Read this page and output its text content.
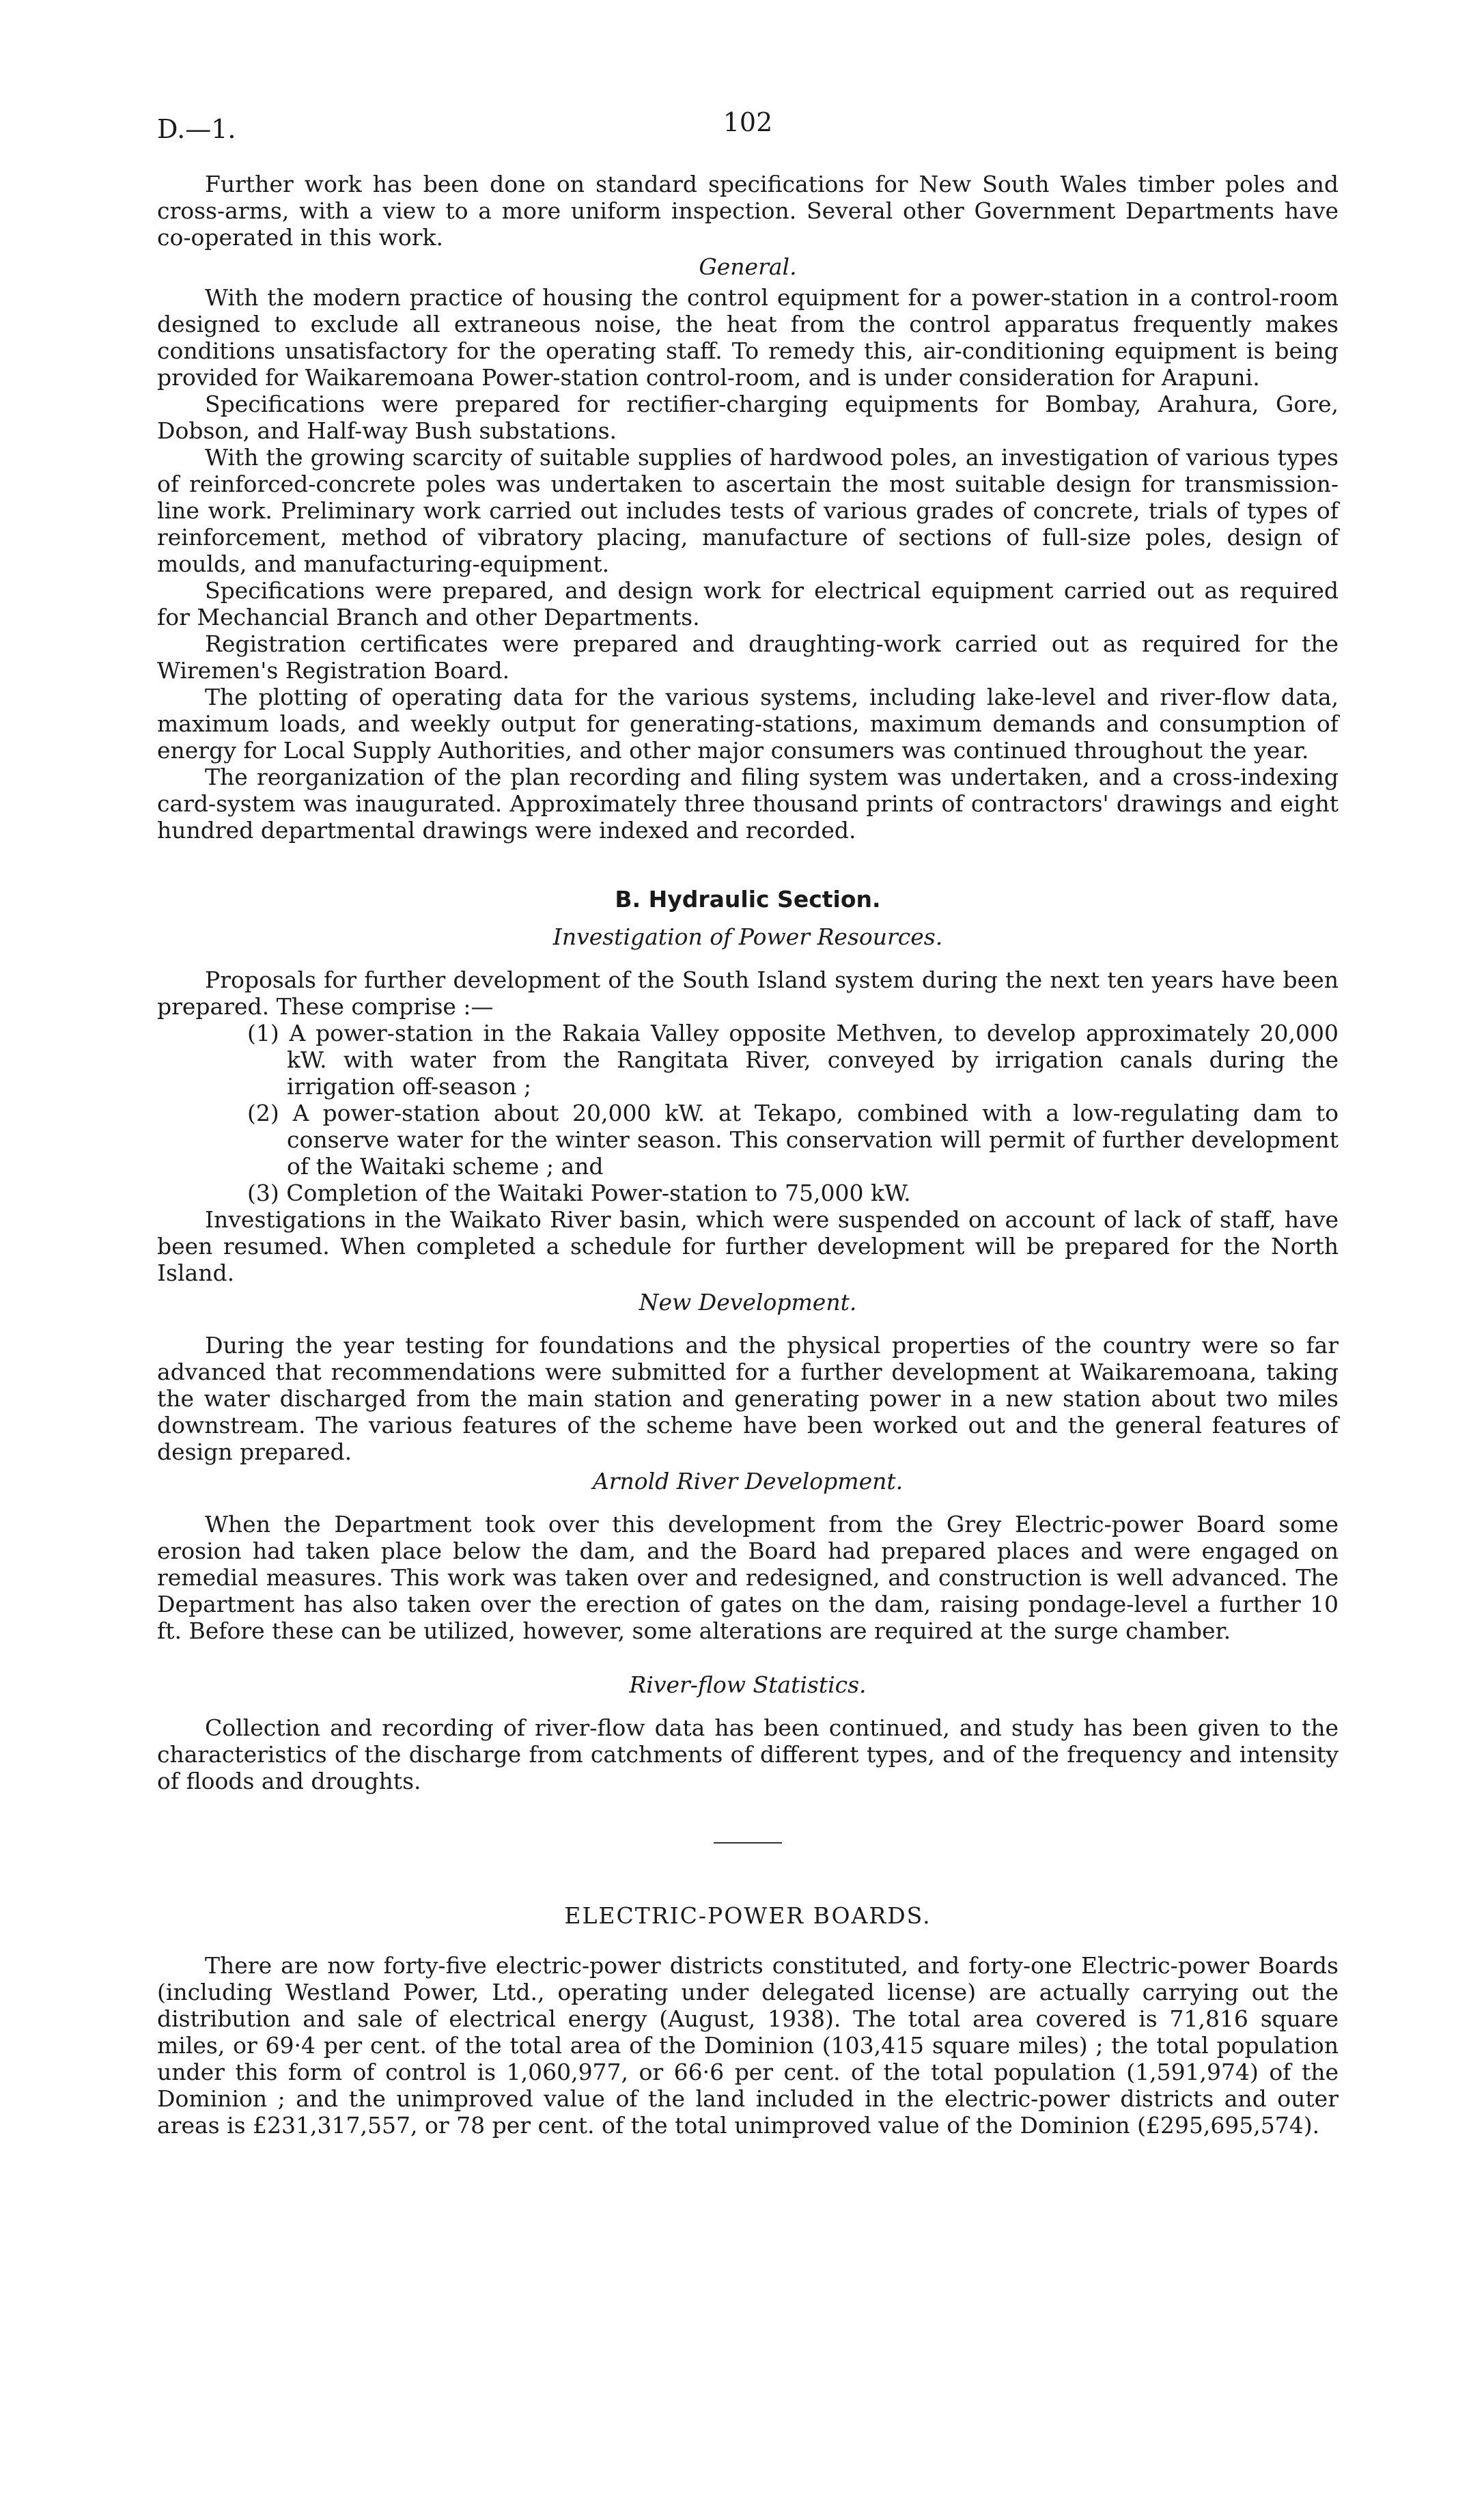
D.—1.	102

Further work has been done on standard specifications for New South Wales timber poles and cross-arms, with a view to a more uniform inspection. Several other Government Departments have co-operated in this work.

General.

With the modern practice of housing the control equipment for a power-station in a control-room designed to exclude all extraneous noise, the heat from the control apparatus frequently makes conditions unsatisfactory for the operating staff. To remedy this, air-conditioning equipment is being provided for Waikaremoana Power-station control-room, and is under consideration for Arapuni.

Specifications were prepared for rectifier-charging equipments for Bombay, Arahura, Gore, Dobson, and Half-way Bush substations.

With the growing scarcity of suitable supplies of hardwood poles, an investigation of various types of reinforced-concrete poles was undertaken to ascertain the most suitable design for transmission-line work. Preliminary work carried out includes tests of various grades of concrete, trials of types of reinforcement, method of vibratory placing, manufacture of sections of full-size poles, design of moulds, and manufacturing-equipment.

Specifications were prepared, and design work for electrical equipment carried out as required for Mechancial Branch and other Departments.

Registration certificates were prepared and draughting-work carried out as required for the Wiremen's Registration Board.

The plotting of operating data for the various systems, including lake-level and river-flow data, maximum loads, and weekly output for generating-stations, maximum demands and consumption of energy for Local Supply Authorities, and other major consumers was continued throughout the year.

The reorganization of the plan recording and filing system was undertaken, and a cross-indexing card-system was inaugurated. Approximately three thousand prints of contractors' drawings and eight hundred departmental drawings were indexed and recorded.

B. Hydraulic Section.
Investigation of Power Resources.

Proposals for further development of the South Island system during the next ten years have been prepared. These comprise :—

(1) A power-station in the Rakaia Valley opposite Methven, to develop approximately 20,000 kW. with water from the Rangitata River, conveyed by irrigation canals during the irrigation off-season ;
(2) A power-station about 20,000 kW. at Tekapo, combined with a low-regulating dam to conserve water for the winter season. This conservation will permit of further development of the Waitaki scheme ; and
(3) Completion of the Waitaki Power-station to 75,000 kW.

Investigations in the Waikato River basin, which were suspended on account of lack of staff, have been resumed. When completed a schedule for further development will be prepared for the North Island.

New Development.

During the year testing for foundations and the physical properties of the country were so far advanced that recommendations were submitted for a further development at Waikaremoana, taking the water discharged from the main station and generating power in a new station about two miles downstream. The various features of the scheme have been worked out and the general features of design prepared.

Arnold River Development.

When the Department took over this development from the Grey Electric-power Board some erosion had taken place below the dam, and the Board had prepared places and were engaged on remedial measures. This work was taken over and redesigned, and construction is well advanced. The Department has also taken over the erection of gates on the dam, raising pondage-level a further 10 ft. Before these can be utilized, however, some alterations are required at the surge chamber.

River-flow Statistics.

Collection and recording of river-flow data has been continued, and study has been given to the characteristics of the discharge from catchments of different types, and of the frequency and intensity of floods and droughts.

ELECTRIC-POWER BOARDS.

There are now forty-five electric-power districts constituted, and forty-one Electric-power Boards (including Westland Power, Ltd., operating under delegated license) are actually carrying out the distribution and sale of electrical energy (August, 1938). The total area covered is 71,816 square miles, or 69·4 per cent. of the total area of the Dominion (103,415 square miles) ; the total population under this form of control is 1,060,977, or 66·6 per cent. of the total population (1,591,974) of the Dominion ; and the unimproved value of the land included in the electric-power districts and outer areas is £231,317,557, or 78 per cent. of the total unimproved value of the Dominion (£295,695,574).
